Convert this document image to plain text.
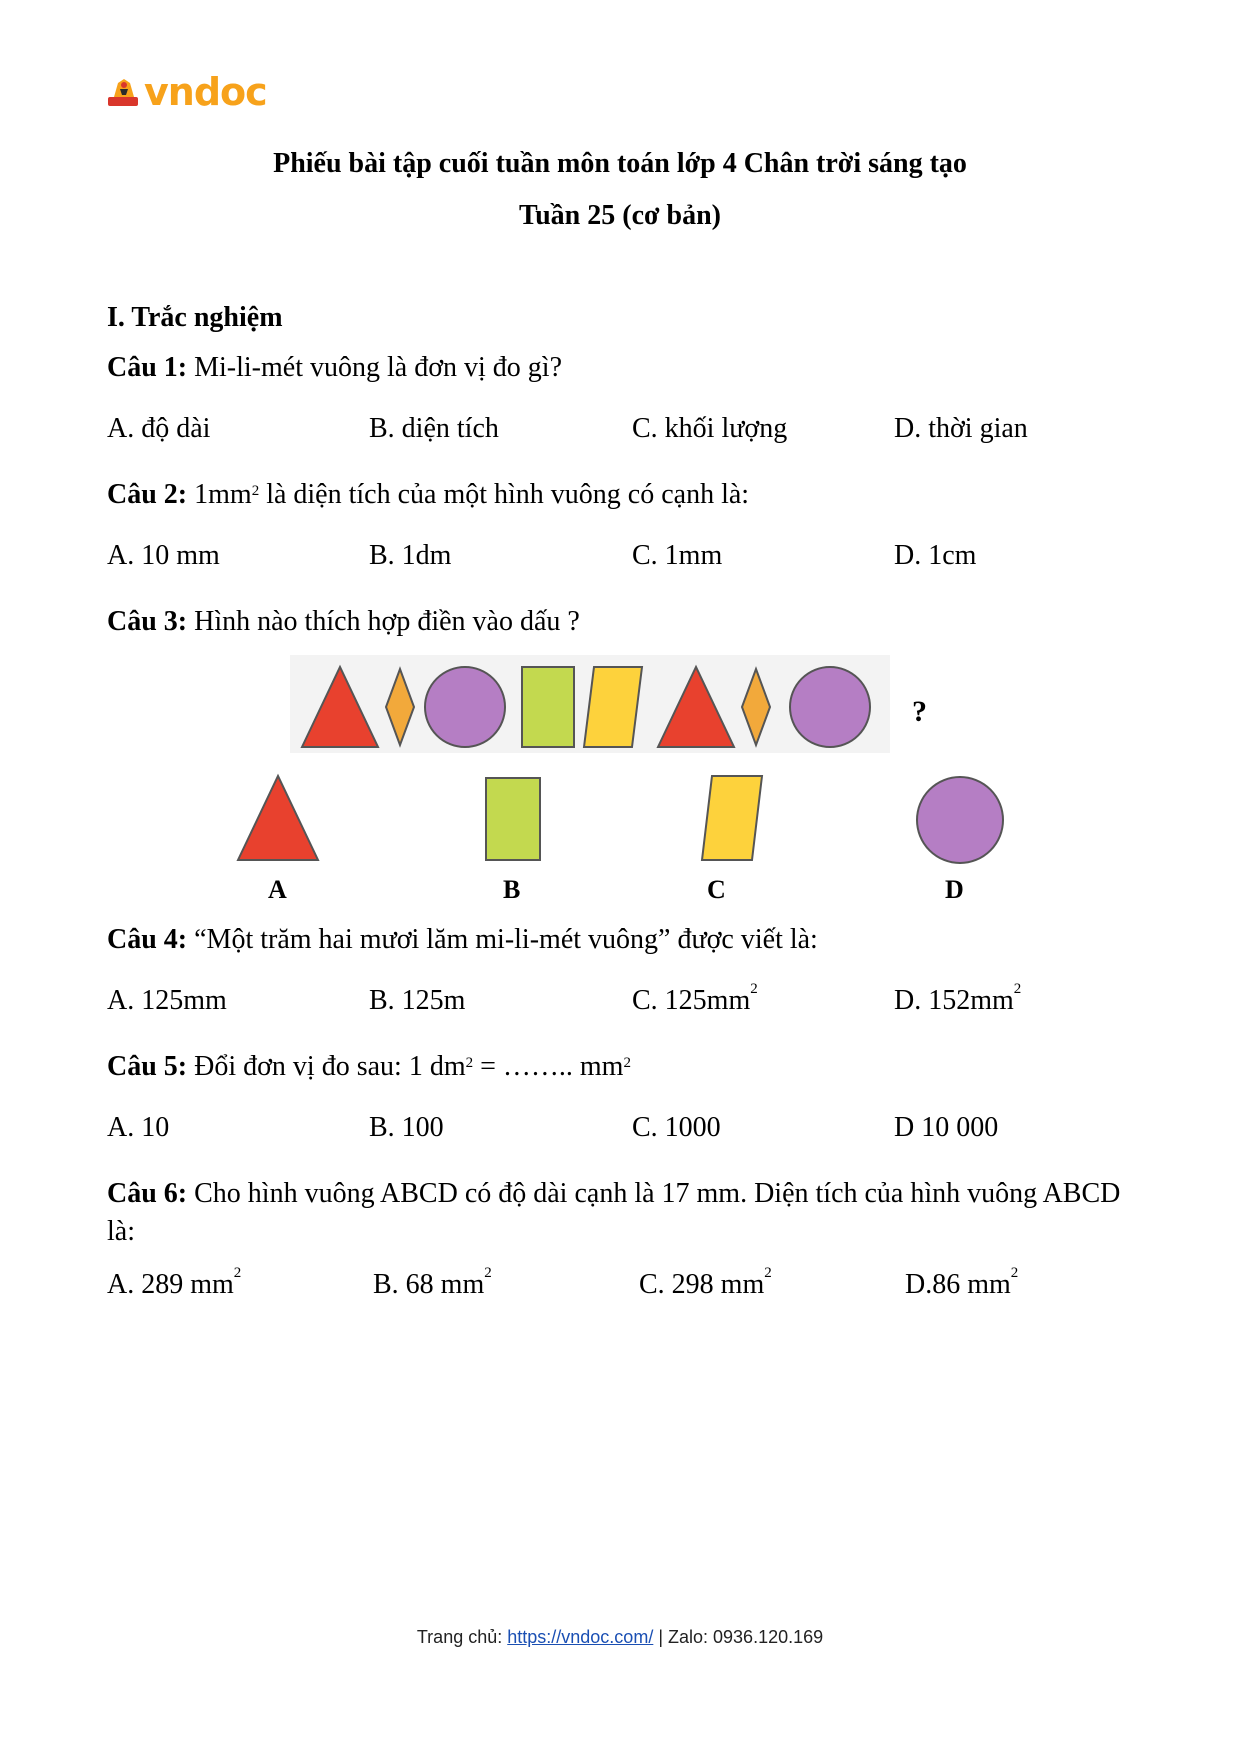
vndoc
Phiếu bài tập cuối tuần môn toán lớp 4 Chân trời sáng tạo
Tuần 25 (cơ bản)
I. Trắc nghiệm
Câu 1: Mi-li-mét vuông là đơn vị đo gì?
A. độ dài	B. diện tích	C. khối lượng	D. thời gian
Câu 2: $1mm^2$ là diện tích của một hình vuông có cạnh là:
A. 10 mm	B. 1dm	C. 1mm	D. 1cm
Câu 3: Hình nào thích hợp điền vào dấu ?
?
A	B	C	D
Câu 4: “Một trăm hai mươi lăm mi-li-mét vuông” được viết là:
A. 125mm	B. 125m	C. $125mm^2$	D. $152mm^2$
Câu 5: Đổi đơn vị đo sau: 1 $dm^2$ = …….. $mm^2$
A. 10	B. 100	C. 1000	D 10 000
Câu 6: Cho hình vuông ABCD có độ dài cạnh là 17 mm. Diện tích của hình vuông ABCD là:
A. 289 $mm^2$	B. 68 $mm^2$	C. 298 $mm^2$	D.86 $mm^2$
Trang chủ: https://vndoc.com/ | Zalo: 0936.120.169
